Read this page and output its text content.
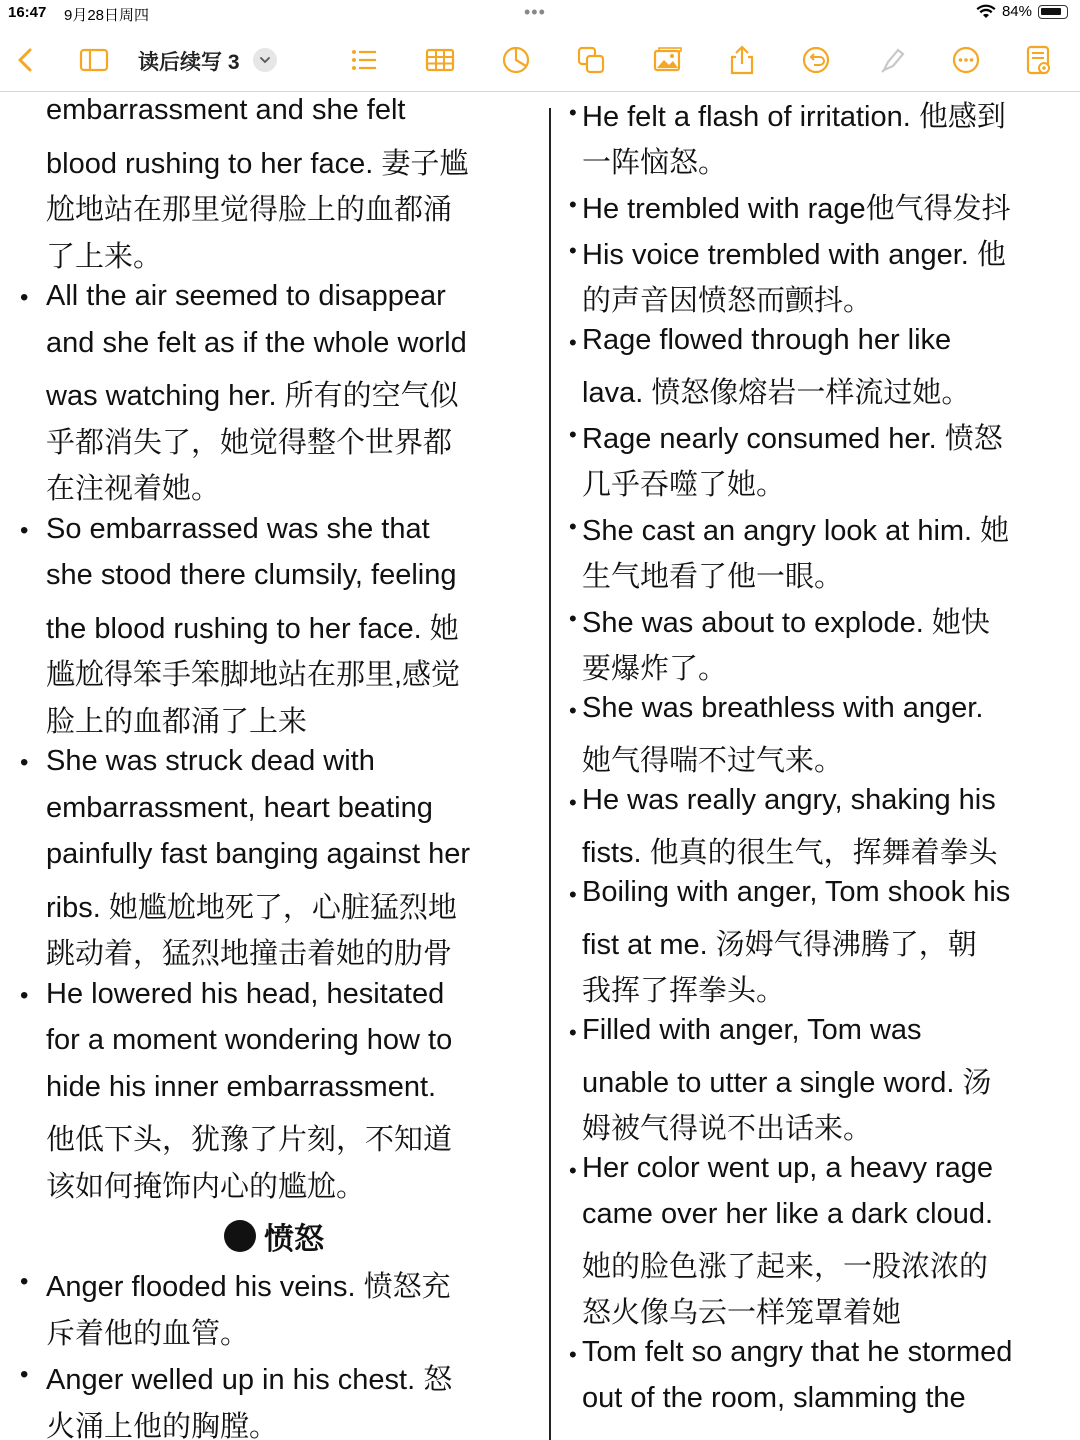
16:47 9月28日周四	•••	84%
读后续写 3
embarrassment and she felt
blood rushing to her face. 妻子尴
尬地站在那里觉得脸上的血都涌
了上来。
• All the air seemed to disappear
and she felt as if the whole world
was watching her. 所有的空气似
乎都消失了，她觉得整个世界都
在注视着她。
• So embarrassed was she that
she stood there clumsily, feeling
the blood rushing to her face. 她
尴尬得笨手笨脚地站在那里,感觉
脸上的血都涌了上来
• She was struck dead with
embarrassment, heart beating
painfully fast banging against her
ribs. 她尴尬地死了，心脏猛烈地
跳动着，猛烈地撞击着她的肋骨
• He lowered his head, hesitated
for a moment wondering how to
hide his inner embarrassment.
他低下头，犹豫了片刻，不知道
该如何掩饰内心的尴尬。
愤怒
• Anger flooded his veins. 愤怒充
斥着他的血管。
• Anger welled up in his chest. 怒
火涌上他的胸膛。
• He felt a flash of irritation. 他感到
一阵恼怒。
• He trembled with rage他气得发抖
• His voice trembled with anger. 他
的声音因愤怒而颤抖。
• Rage flowed through her like
lava. 愤怒像熔岩一样流过她。
• Rage nearly consumed her. 愤怒
几乎吞噬了她。
• She cast an angry look at him. 她
生气地看了他一眼。
• She was about to explode. 她快
要爆炸了。
• She was breathless with anger.
她气得喘不过气来。
• He was really angry, shaking his
fists. 他真的很生气，挥舞着拳头
• Boiling with anger, Tom shook his
fist at me. 汤姆气得沸腾了，朝
我挥了挥拳头。
• Filled with anger, Tom was
unable to utter a single word. 汤
姆被气得说不出话来。
• Her color went up, a heavy rage
came over her like a dark cloud.
她的脸色涨了起来，一股浓浓的
怒火像乌云一样笼罩着她
• Tom felt so angry that he stormed
out of the room, slamming the
